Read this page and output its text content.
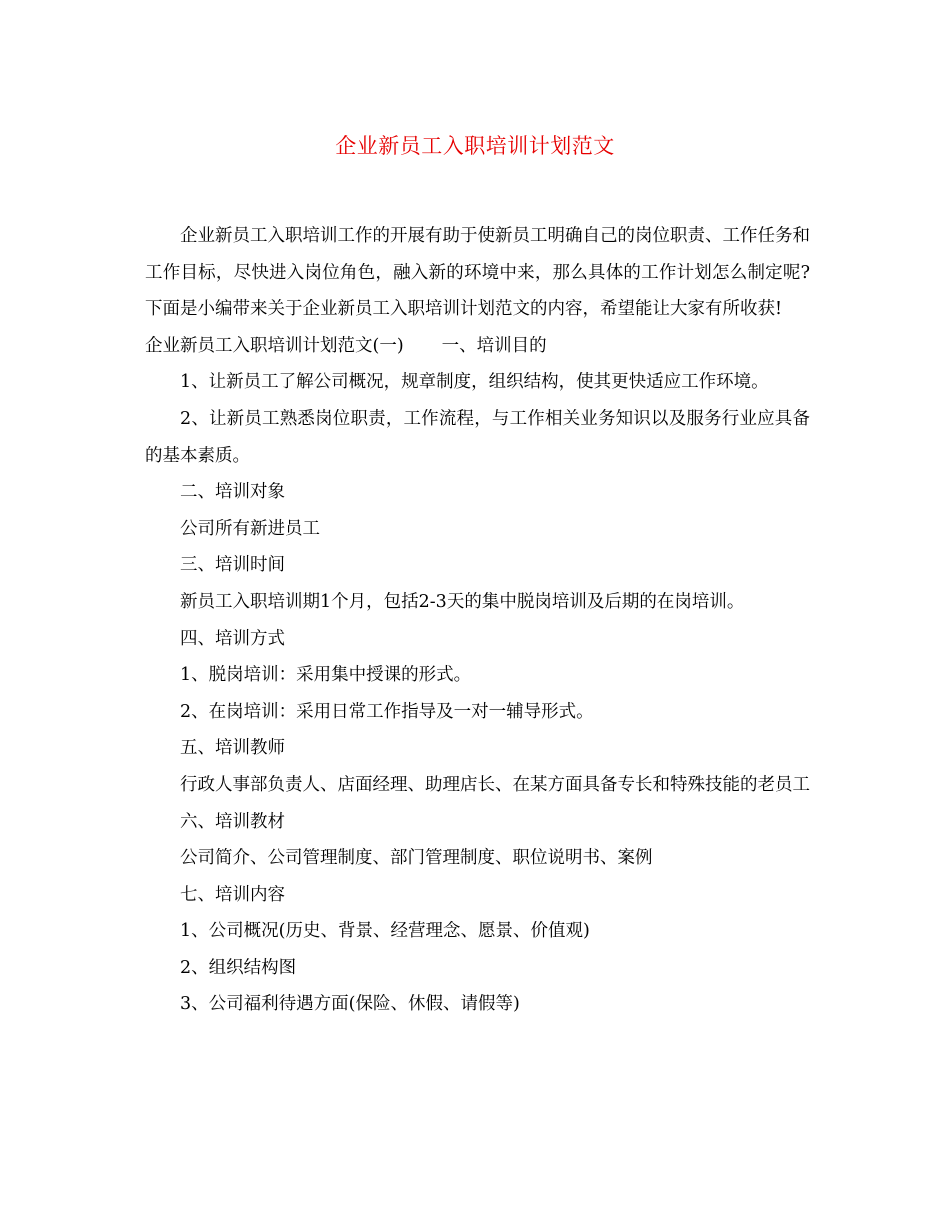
企业新员工入职培训计划范文

企业新员工入职培训工作的开展有助于使新员工明确自己的岗位职责、工作任务和工作目标，尽快进入岗位角色，融入新的环境中来，那么具体的工作计划怎么制定呢?下面是小编带来关于企业新员工入职培训计划范文的内容，希望能让大家有所收获!

企业新员工入职培训计划范文(一) 一、培训目的

1、让新员工了解公司概况，规章制度，组织结构，使其更快适应工作环境。

2、让新员工熟悉岗位职责，工作流程，与工作相关业务知识以及服务行业应具备的基本素质。

二、培训对象

公司所有新进员工

三、培训时间

新员工入职培训期1个月，包括2-3天的集中脱岗培训及后期的在岗培训。

四、培训方式

1、脱岗培训：采用集中授课的形式。

2、在岗培训：采用日常工作指导及一对一辅导形式。

五、培训教师

行政人事部负责人、店面经理、助理店长、在某方面具备专长和特殊技能的老员工

六、培训教材

公司简介、公司管理制度、部门管理制度、职位说明书、案例

七、培训内容

1、公司概况(历史、背景、经营理念、愿景、价值观)

2、组织结构图

3、公司福利待遇方面(保险、休假、请假等)
